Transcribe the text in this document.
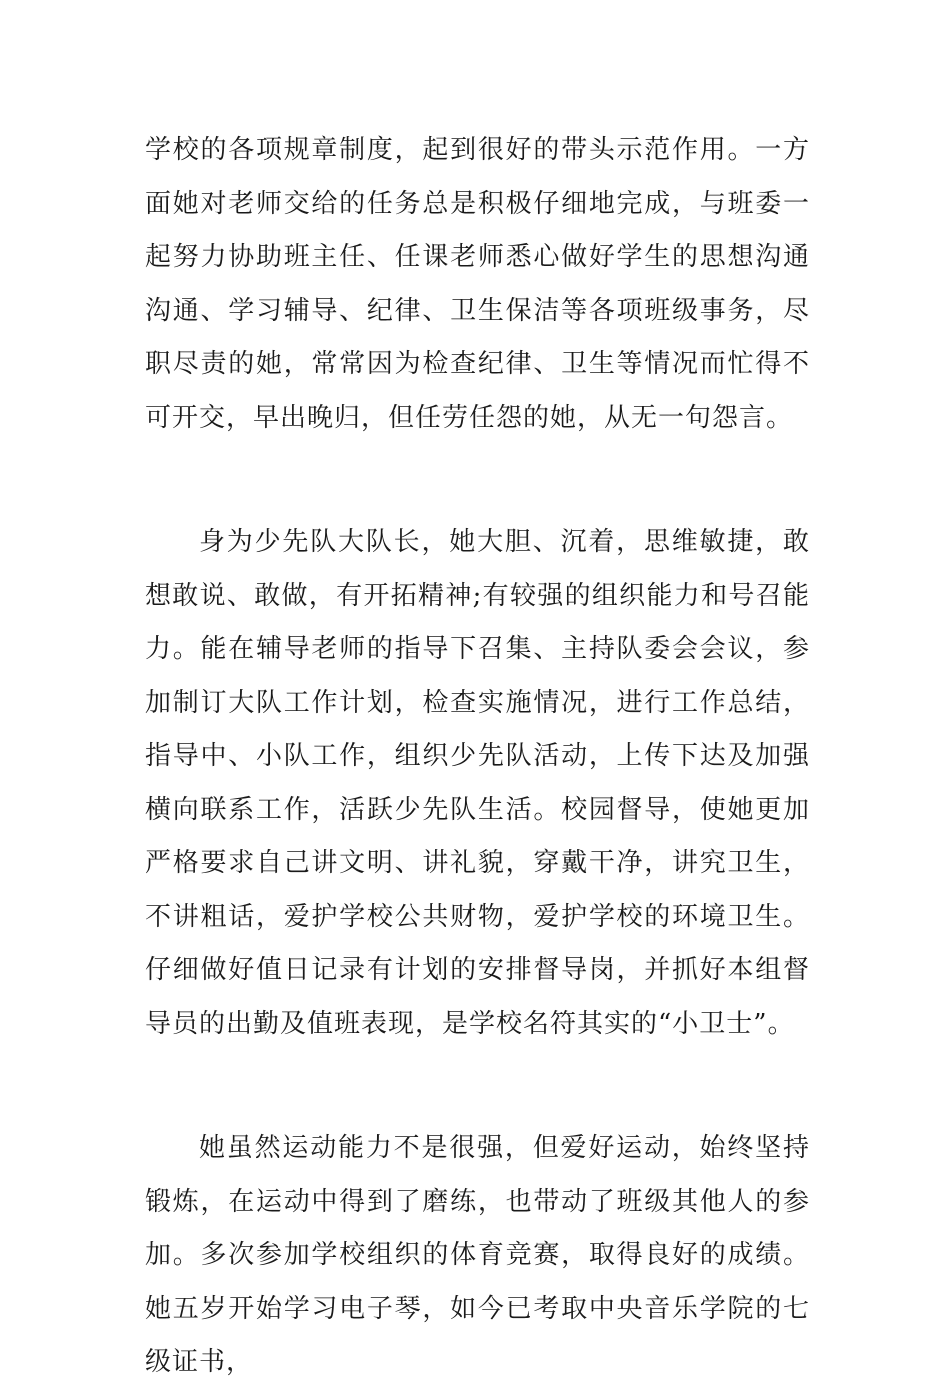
学校的各项规章制度，起到很好的带头示范作用。一方面她对老师交给的任务总是积极仔细地完成，与班委一起努力协助班主任、任课老师悉心做好学生的思想沟通沟通、学习辅导、纪律、卫生保洁等各项班级事务，尽职尽责的她，常常因为检查纪律、卫生等情况而忙得不可开交，早出晚归，但任劳任怨的她，从无一句怨言。

身为少先队大队长，她大胆、沉着，思维敏捷，敢想敢说、敢做，有开拓精神;有较强的组织能力和号召能力。能在辅导老师的指导下召集、主持队委会会议，参加制订大队工作计划，检查实施情况，进行工作总结，指导中、小队工作，组织少先队活动，上传下达及加强横向联系工作，活跃少先队生活。校园督导，使她更加严格要求自己讲文明、讲礼貌，穿戴干净，讲究卫生，不讲粗话，爱护学校公共财物，爱护学校的环境卫生。仔细做好值日记录有计划的安排督导岗，并抓好本组督导员的出勤及值班表现，是学校名符其实的“小卫士”。

她虽然运动能力不是很强，但爱好运动，始终坚持锻炼，在运动中得到了磨练，也带动了班级其他人的参加。多次参加学校组织的体育竞赛，取得良好的成绩。她五岁开始学习电子琴，如今已考取中央音乐学院的七级证书，
